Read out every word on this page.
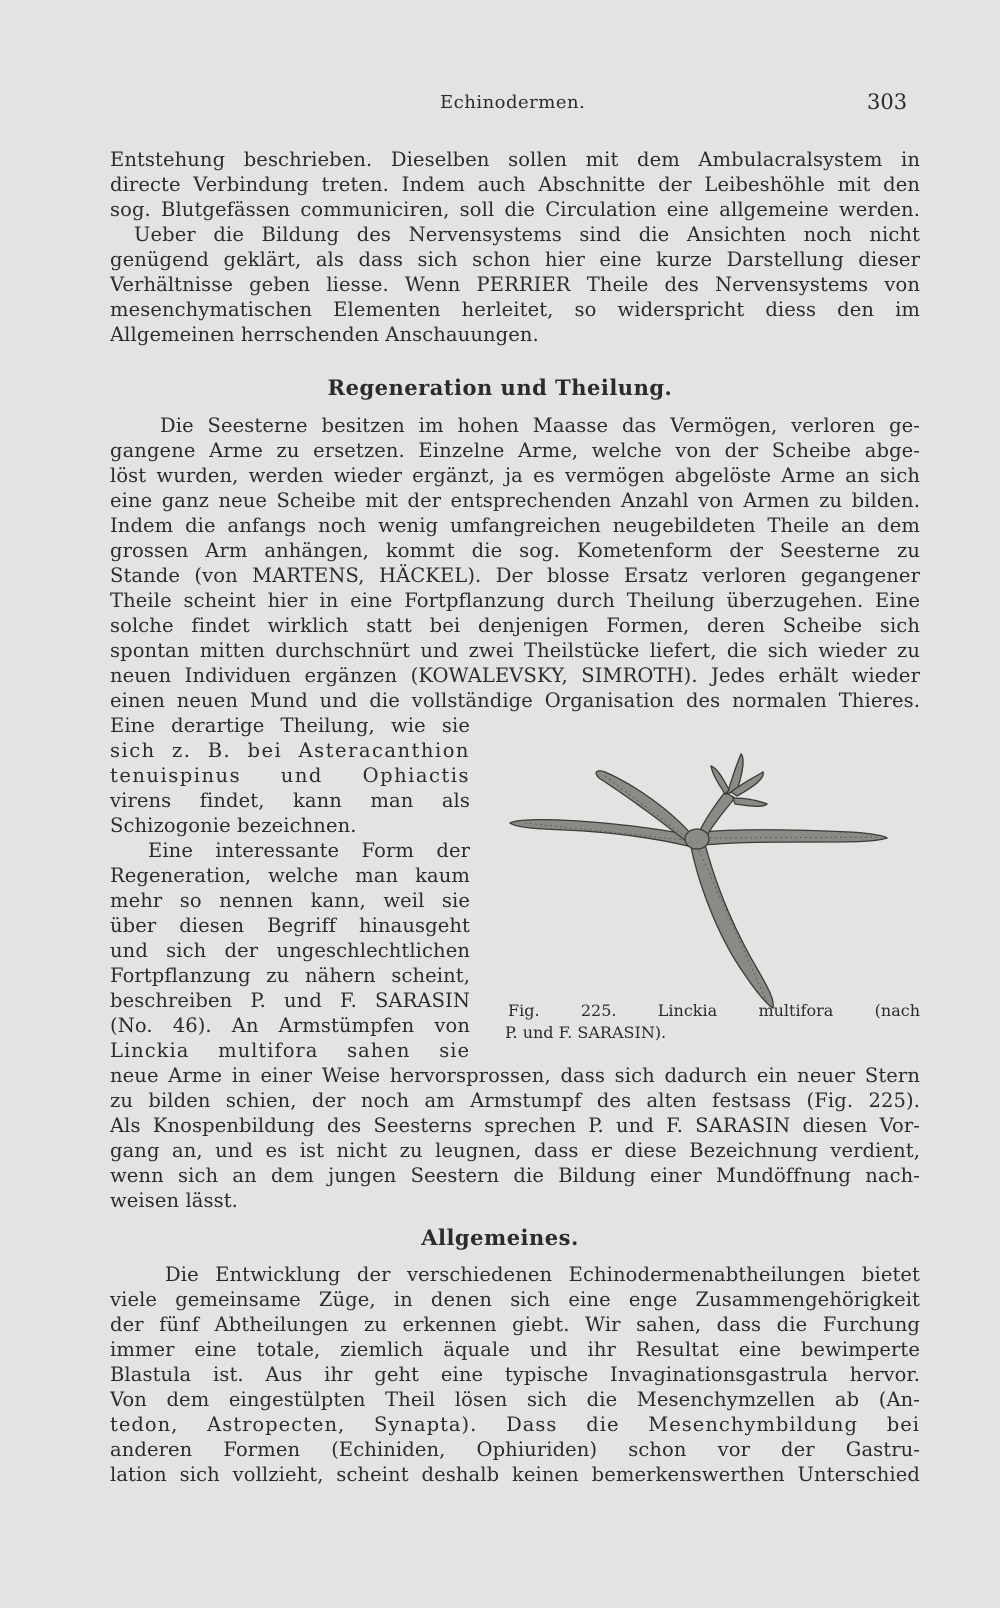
Echinodermen.	303
Entstehung beschrieben. Dieselben sollen mit dem Ambulacralsystem in
directe Verbindung treten. Indem auch Abschnitte der Leibeshöhle mit den
sog. Blutgefässen communiciren, soll die Circulation eine allgemeine werden.
Ueber die Bildung des Nervensystems sind die Ansichten noch nicht
genügend geklärt, als dass sich schon hier eine kurze Darstellung dieser
Verhältnisse geben liesse. Wenn PERRIER Theile des Nervensystems von
mesenchymatischen Elementen herleitet, so widerspricht diess den im
Allgemeinen herrschenden Anschauungen.
Regeneration und Theilung.
Die Seesterne besitzen im hohen Maasse das Vermögen, verloren ge-
gangene Arme zu ersetzen. Einzelne Arme, welche von der Scheibe abge-
löst wurden, werden wieder ergänzt, ja es vermögen abgelöste Arme an sich
eine ganz neue Scheibe mit der entsprechenden Anzahl von Armen zu bilden.
Indem die anfangs noch wenig umfangreichen neugebildeten Theile an dem
grossen Arm anhängen, kommt die sog. Kometenform der Seesterne zu
Stande (von MARTENS, HÄCKEL). Der blosse Ersatz verloren gegangener
Theile scheint hier in eine Fortpflanzung durch Theilung überzugehen. Eine
solche findet wirklich statt bei denjenigen Formen, deren Scheibe sich
spontan mitten durchschnürt und zwei Theilstücke liefert, die sich wieder zu
neuen Individuen ergänzen (KOWALEVSKY, SIMROTH). Jedes erhält wieder
einen neuen Mund und die vollständige Organisation des normalen Thieres.
Eine derartige Theilung, wie sie
sich z. B. bei Asteracanthion
tenuispinus und Ophiactis
virens findet, kann man als
Schizogonie bezeichnen.
Eine interessante Form der
Regeneration, welche man kaum
mehr so nennen kann, weil sie
über diesen Begriff hinausgeht
und sich der ungeschlechtlichen
Fortpflanzung zu nähern scheint,
beschreiben P. und F. SARASIN
(No. 46). An Armstümpfen von
Linckia multifora sahen sie
Fig. 225. Linckia multifora (nach
P. und F. SARASIN).
neue Arme in einer Weise hervorsprossen, dass sich dadurch ein neuer Stern
zu bilden schien, der noch am Armstumpf des alten festsass (Fig. 225).
Als Knospenbildung des Seesterns sprechen P. und F. SARASIN diesen Vor-
gang an, und es ist nicht zu leugnen, dass er diese Bezeichnung verdient,
wenn sich an dem jungen Seestern die Bildung einer Mundöffnung nach-
weisen lässt.
Allgemeines.
Die Entwicklung der verschiedenen Echinodermenabtheilungen bietet
viele gemeinsame Züge, in denen sich eine enge Zusammengehörigkeit
der fünf Abtheilungen zu erkennen giebt. Wir sahen, dass die Furchung
immer eine totale, ziemlich äquale und ihr Resultat eine bewimperte
Blastula ist. Aus ihr geht eine typische Invaginationsgastrula hervor.
Von dem eingestülpten Theil lösen sich die Mesenchymzellen ab (An-
tedon, Astropecten, Synapta). Dass die Mesenchymbildung bei
anderen Formen (Echiniden, Ophiuriden) schon vor der Gastru-
lation sich vollzieht, scheint deshalb keinen bemerkenswerthen Unterschied
